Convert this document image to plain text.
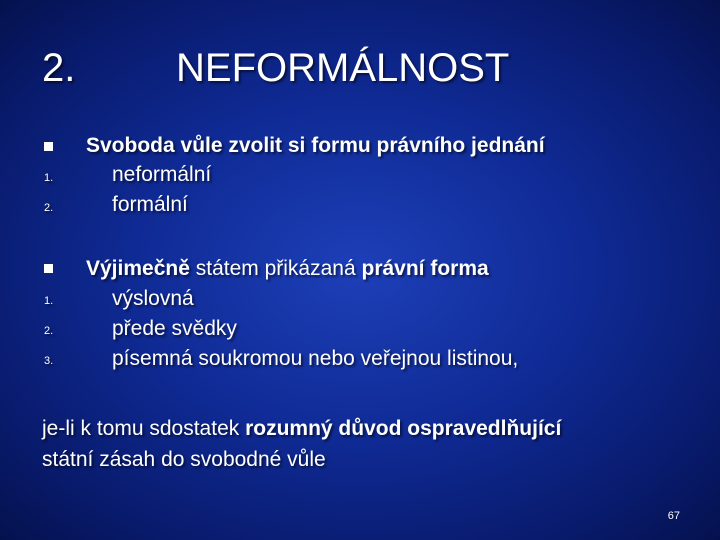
2.	NEFORMÁLNOST
Svoboda vůle zvolit si formu právního jednání
1.	neformální
2.	formální
Výjimečně státem přikázaná právní forma
1.	výslovná
2.	přede svědky
3.	písemná soukromou nebo veřejnou listinou,
je-li k tomu sdostatek rozumný důvod ospravedlňující
státní zásah do svobodné vůle
67
